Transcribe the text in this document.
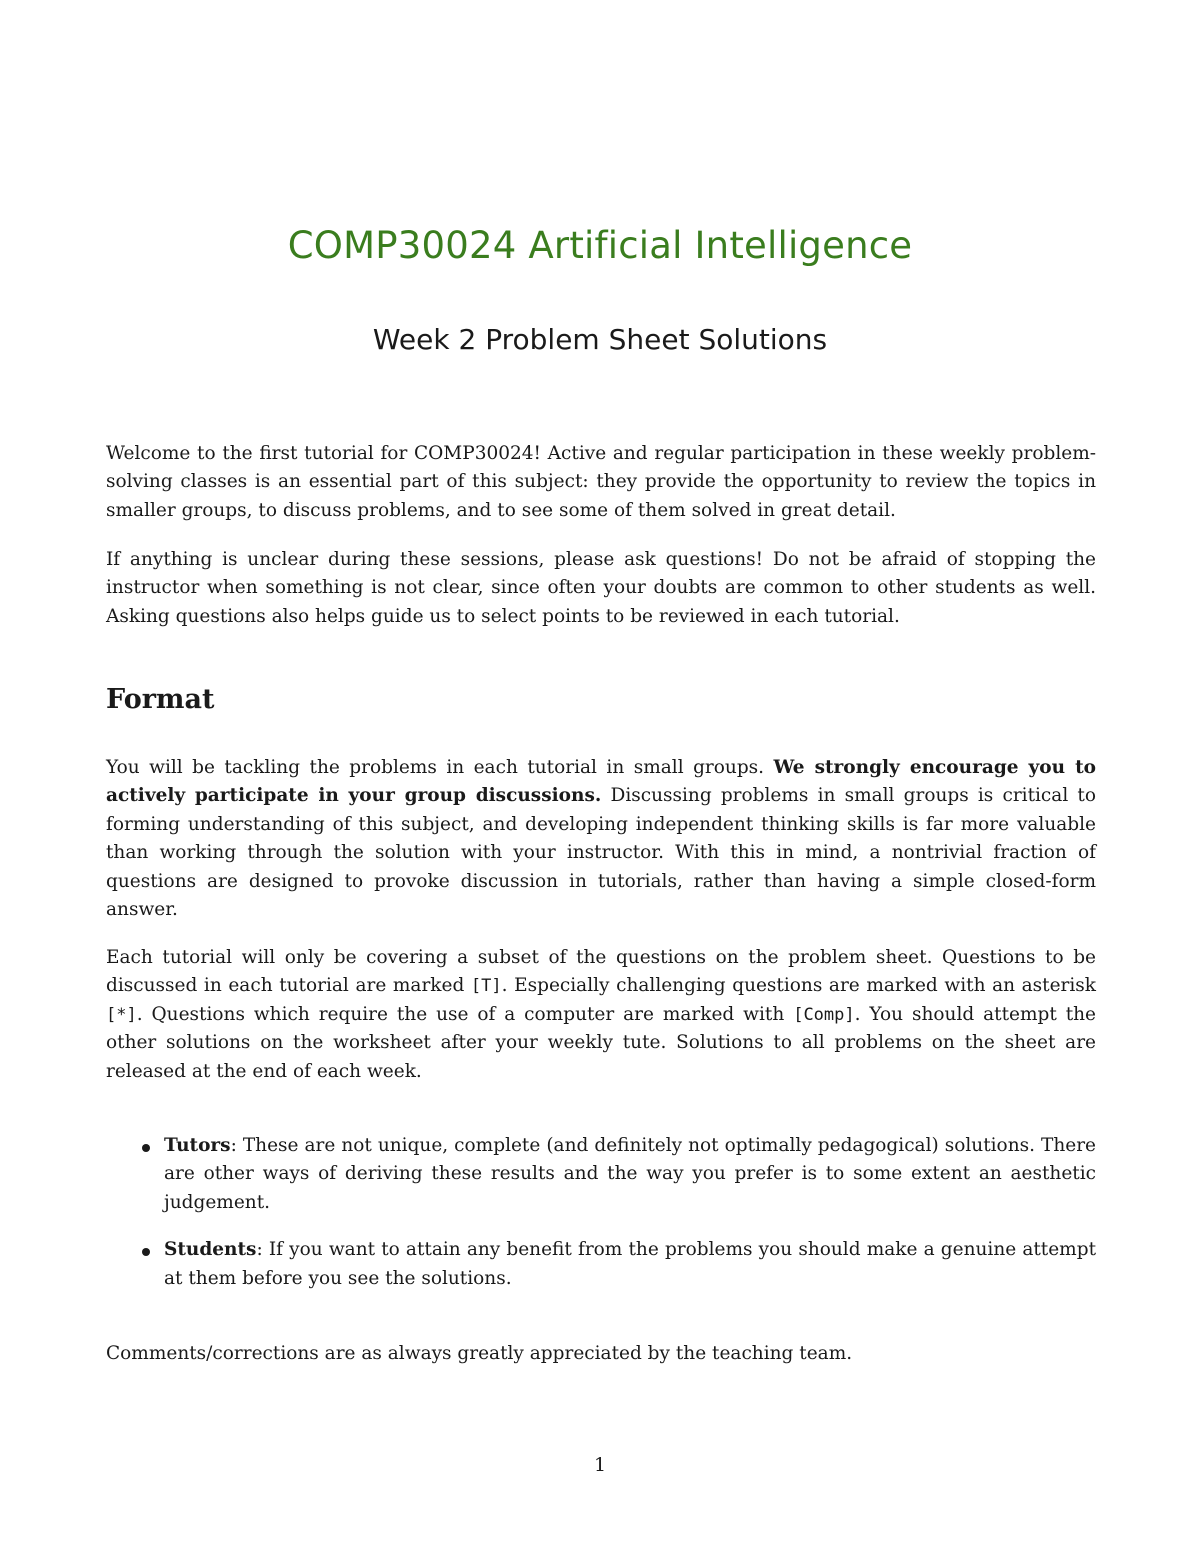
COMP30024 Artificial Intelligence
Week 2 Problem Sheet Solutions

Welcome to the first tutorial for COMP30024! Active and regular participation in these weekly problem-solving classes is an essential part of this subject: they provide the opportunity to review the topics in smaller groups, to discuss problems, and to see some of them solved in great detail.

If anything is unclear during these sessions, please ask questions! Do not be afraid of stopping the instructor when something is not clear, since often your doubts are common to other students as well. Asking questions also helps guide us to select points to be reviewed in each tutorial.

Format

You will be tackling the problems in each tutorial in small groups. We strongly encourage you to actively participate in your group discussions. Discussing problems in small groups is critical to forming understanding of this subject, and developing independent thinking skills is far more valuable than working through the solution with your instructor. With this in mind, a nontrivial fraction of questions are designed to provoke discussion in tutorials, rather than having a simple closed-form answer.

Each tutorial will only be covering a subset of the questions on the problem sheet. Questions to be discussed in each tutorial are marked [T]. Especially challenging questions are marked with an asterisk [*]. Questions which require the use of a computer are marked with [Comp]. You should attempt the other solutions on the worksheet after your weekly tute. Solutions to all problems on the sheet are released at the end of each week.

Tutors: These are not unique, complete (and definitely not optimally pedagogical) solutions. There are other ways of deriving these results and the way you prefer is to some extent an aesthetic judgement.
Students: If you want to attain any benefit from the problems you should make a genuine attempt at them before you see the solutions.

Comments/corrections are as always greatly appreciated by the teaching team.

1
